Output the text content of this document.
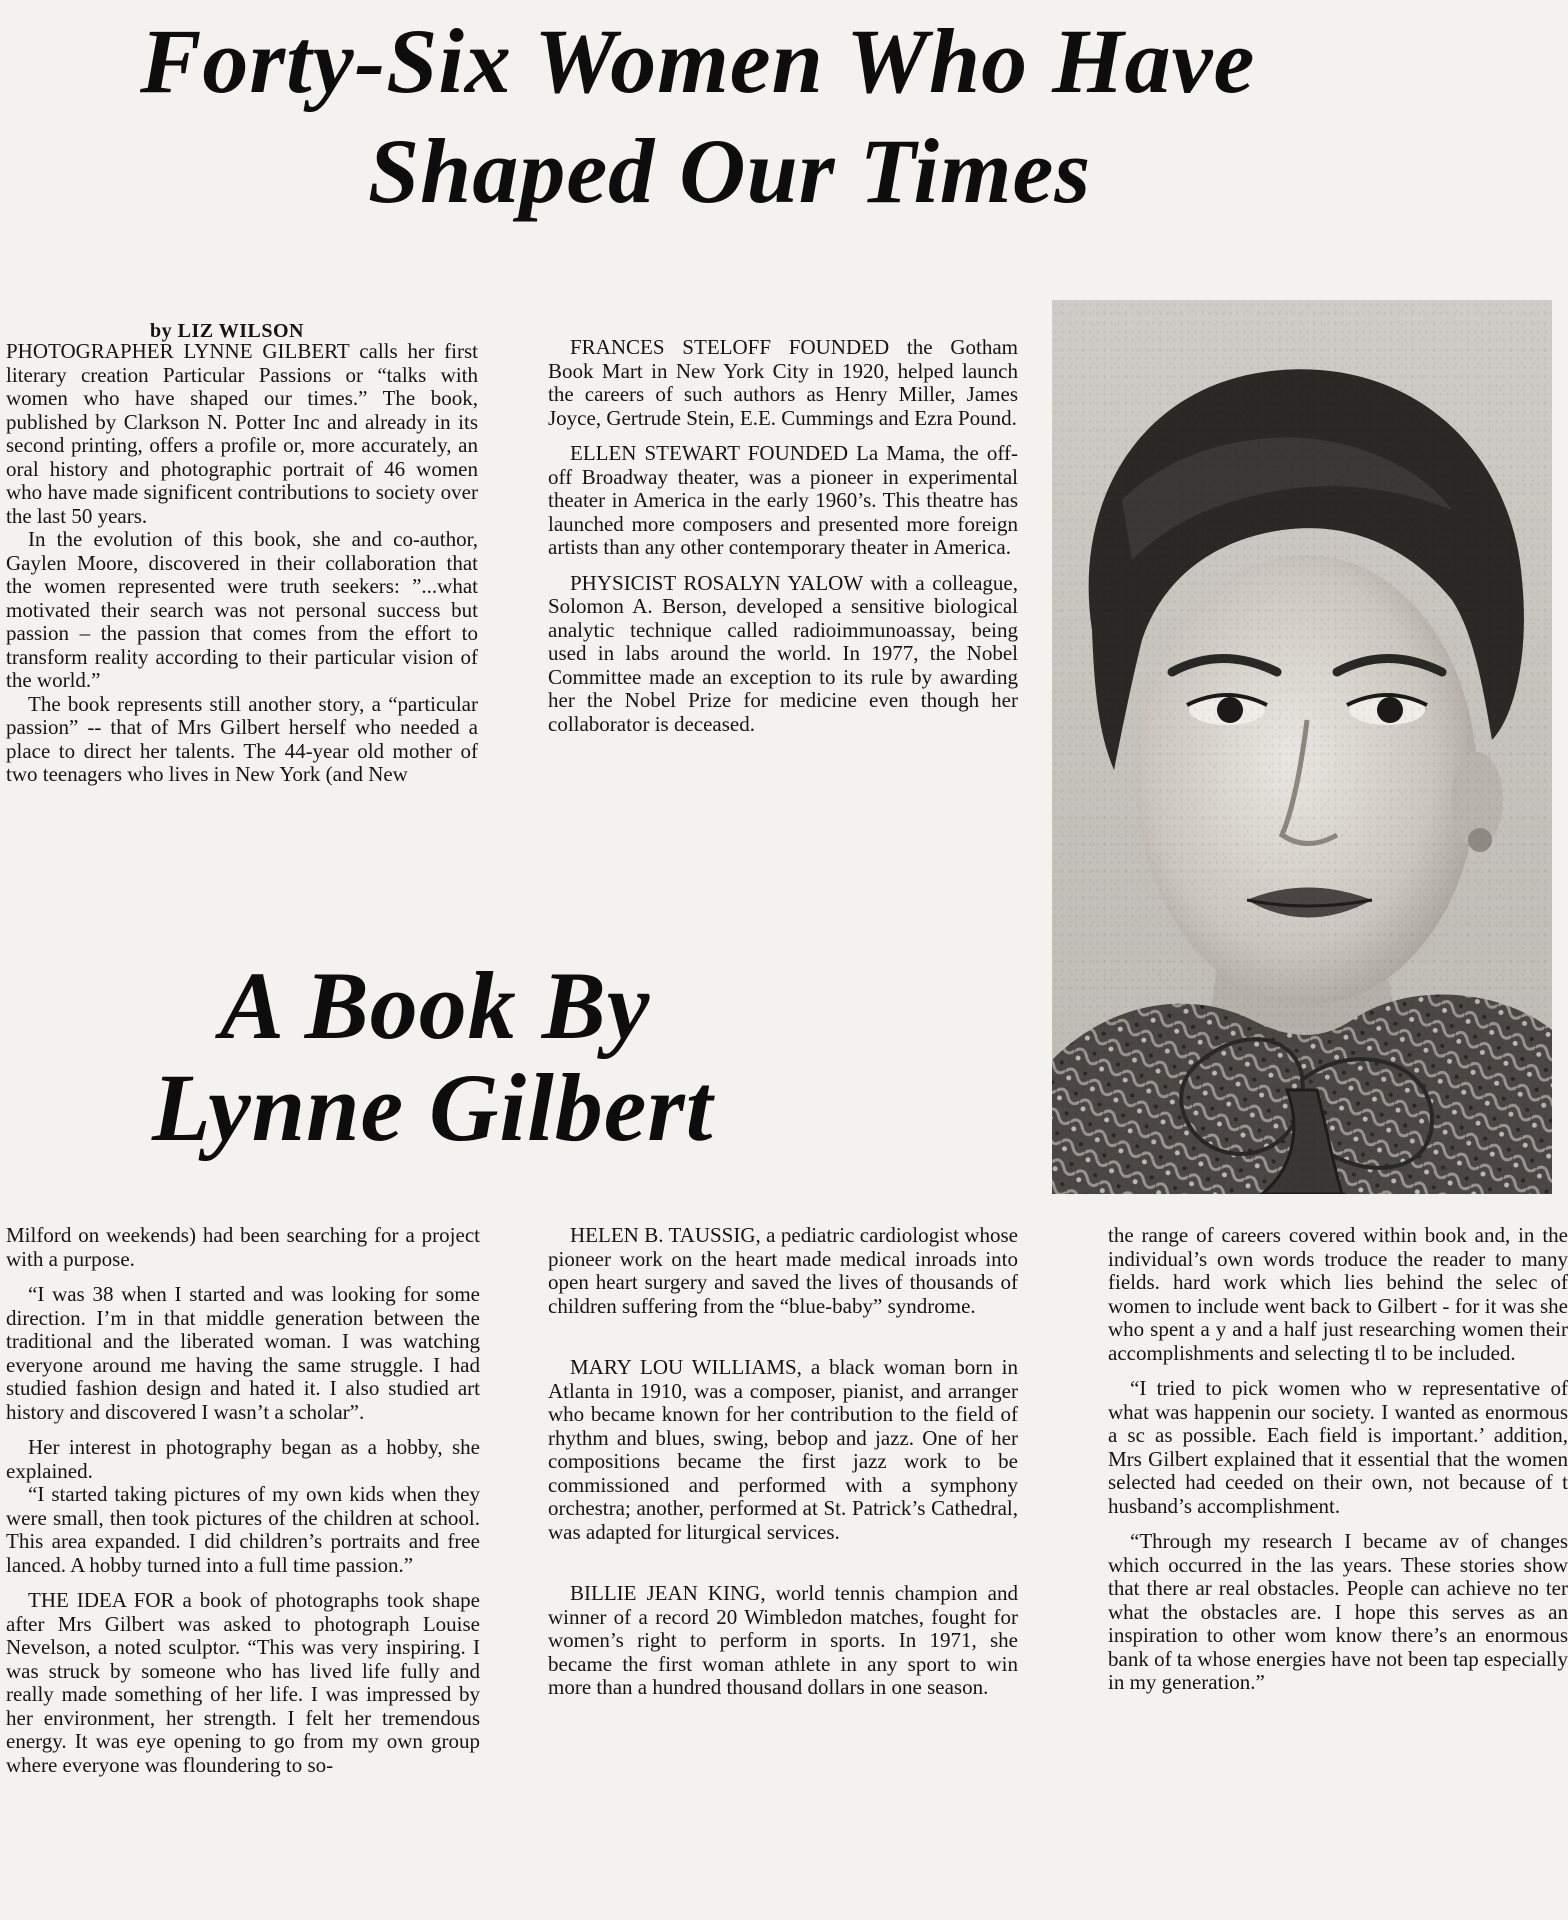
Forty-Six Women Who Have
Shaped Our Times
by LIZ WILSON

PHOTOGRAPHER LYNNE GILBERT calls her first literary creation Particular Passions or “talks with women who have shaped our times.” The book, published by Clarkson N. Potter Inc and already in its second printing, offers a profile or, more accurately, an oral history and photographic portrait of 46 women who have made significent contributions to society over the last 50 years.

In the evolution of this book, she and co-author, Gaylen Moore, discovered in their collaboration that the women represented were truth seekers: ”...what motivated their search was not personal success but passion – the passion that comes from the effort to transform reality according to their particular vision of the world.”

The book represents still another story, a “particular passion” -- that of Mrs Gilbert herself who needed a place to direct her talents. The 44-year old mother of two teenagers who lives in New York (and New

FRANCES STELOFF FOUNDED the Gotham Book Mart in New York City in 1920, helped launch the careers of such authors as Henry Miller, James Joyce, Gertrude Stein, E.E. Cummings and Ezra Pound.

ELLEN STEWART FOUNDED La Mama, the off-off Broadway theater, was a pioneer in experimental theater in America in the early 1960’s. This theatre has launched more composers and presented more foreign artists than any other contemporary theater in America.

PHYSICIST ROSALYN YALOW with a colleague, Solomon A. Berson, developed a sensitive biological analytic technique called radioimmunoassay, being used in labs around the world. In 1977, the Nobel Committee made an exception to its rule by awarding her the Nobel Prize for medicine even though her collaborator is deceased.

A Book By
Lynne Gilbert

Milford on weekends) had been searching for a project with a purpose.

“I was 38 when I started and was looking for some direction. I’m in that middle generation between the traditional and the liberated woman. I was watching everyone around me having the same struggle. I had studied fashion design and hated it. I also studied art history and discovered I wasn’t a scholar”.

Her interest in photography began as a hobby, she explained.

“I started taking pictures of my own kids when they were small, then took pictures of the children at school. This area expanded. I did children’s portraits and free lanced. A hobby turned into a full time passion.”

THE IDEA FOR a book of photographs took shape after Mrs Gilbert was asked to photograph Louise Nevelson, a noted sculptor. “This was very inspiring. I was struck by someone who has lived life fully and really made something of her life. I was impressed by her environment, her strength. I felt her tremendous energy. It was eye opening to go from my own group where everyone was floundering to so-

HELEN B. TAUSSIG, a pediatric cardiologist whose pioneer work on the heart made medical inroads into open heart surgery and saved the lives of thousands of children suffering from the “blue-baby” syndrome.

MARY LOU WILLIAMS, a black woman born in Atlanta in 1910, was a composer, pianist, and arranger who became known for her contribution to the field of rhythm and blues, swing, bebop and jazz. One of her compositions became the first jazz work to be commissioned and performed with a symphony orchestra; another, performed at St. Patrick’s Cathedral, was adapted for liturgical services.

BILLIE JEAN KING, world tennis champion and winner of a record 20 Wimbledon matches, fought for women’s right to perform in sports. In 1971, she became the first woman athlete in any sport to win more than a hundred thousand dollars in one season.

the range of careers covered within book and, in the individual’s own words troduce the reader to many fields. hard work which lies behind the selec of women to include went back to Gilbert - for it was she who spent a y and a half just researching women their accomplishments and selecting tl to be included.

“I tried to pick women who w representative of what was happenin our society. I wanted as enormous a sc as possible. Each field is important.’ addition, Mrs Gilbert explained that it essential that the women selected had ceeded on their own, not because of t husband’s accomplishment.

“Through my research I became av of changes which occurred in the las years. These stories show that there ar real obstacles. People can achieve no ter what the obstacles are. I hope this serves as an inspiration to other wom know there’s an enormous bank of ta whose energies have not been tap especially in my generation.”
